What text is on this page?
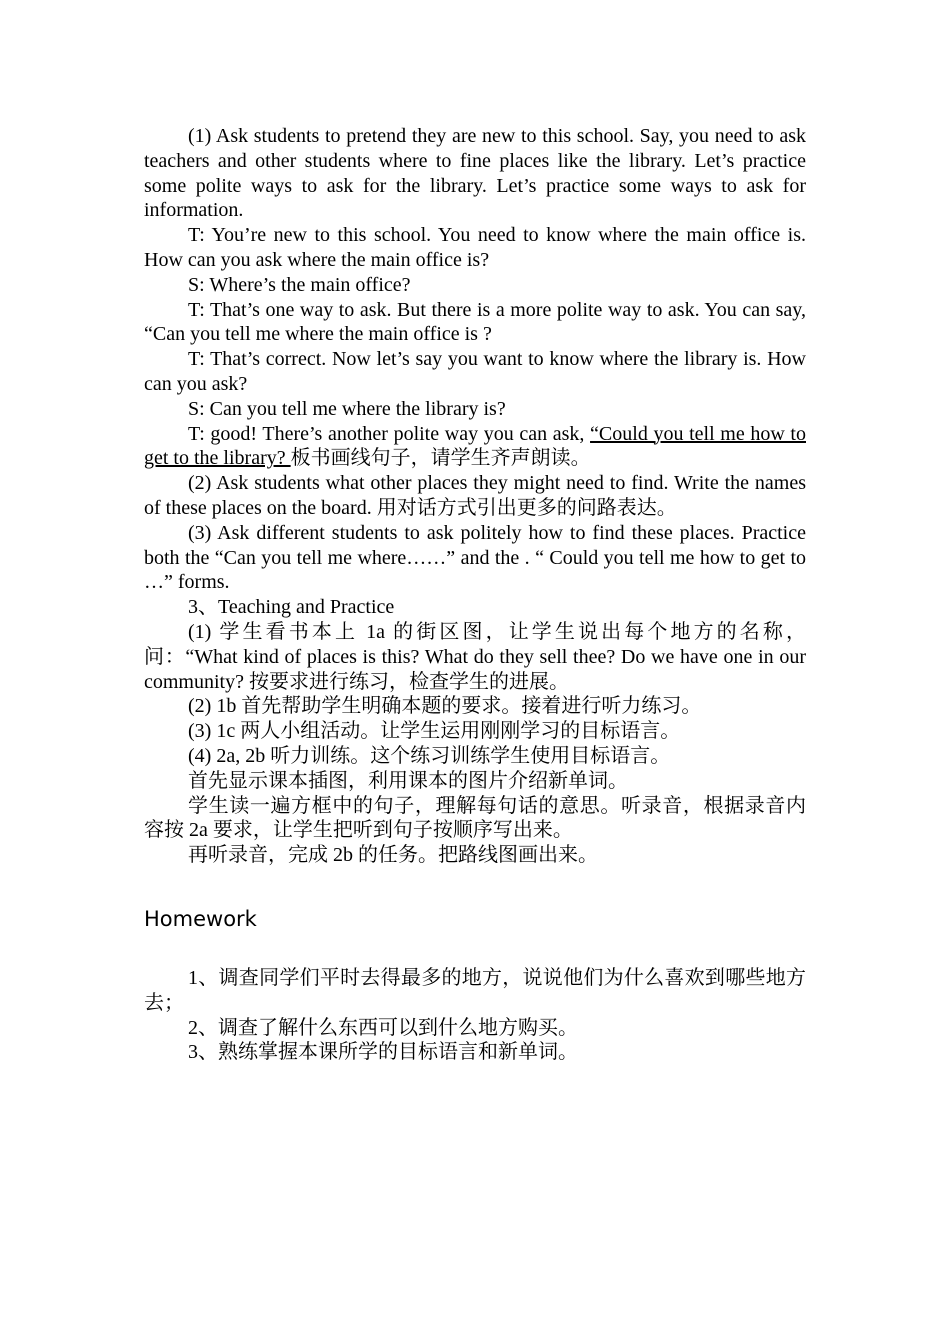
(1) Ask students to pretend they are new to this school. Say, you need to ask teachers and other students where to fine places like the library. Let’s practice some polite ways to ask for the library. Let’s practice some ways to ask for information.

T: You’re new to this school. You need to know where the main office is. How can you ask where the main office is?

S: Where’s the main office?

T: That’s one way to ask. But there is a more polite way to ask. You can say, “Can you tell me where the main office is ?

T: That’s correct. Now let’s say you want to know where the library is. How can you ask?

S: Can you tell me where the library is?

T: good! There’s another polite way you can ask, “Could you tell me how to get to the library? 板书画线句子，请学生齐声朗读。

(2) Ask students what other places they might need to find. Write the names of these places on the board. 用对话方式引出更多的问路表达。

(3) Ask different students to ask politely how to find these places. Practice both the “Can you tell me where……” and the . “ Could you tell me how to get to …” forms.

3、Teaching and Practice

(1) 学生看书本上 1a 的街区图，让学生说出每个地方的名称，问：“What kind of places is this? What do they sell thee? Do we have one in our community? 按要求进行练习，检查学生的进展。

(2) 1b 首先帮助学生明确本题的要求。接着进行听力练习。

(3) 1c 两人小组活动。让学生运用刚刚学习的目标语言。

(4) 2a, 2b 听力训练。这个练习训练学生使用目标语言。

首先显示课本插图，利用课本的图片介绍新单词。

学生读一遍方框中的句子，理解每句话的意思。听录音，根据录音内容按 2a 要求，让学生把听到句子按顺序写出来。

再听录音，完成 2b 的任务。把路线图画出来。

Homework

1、调查同学们平时去得最多的地方，说说他们为什么喜欢到哪些地方去；

2、调查了解什么东西可以到什么地方购买。

3、熟练掌握本课所学的目标语言和新单词。
